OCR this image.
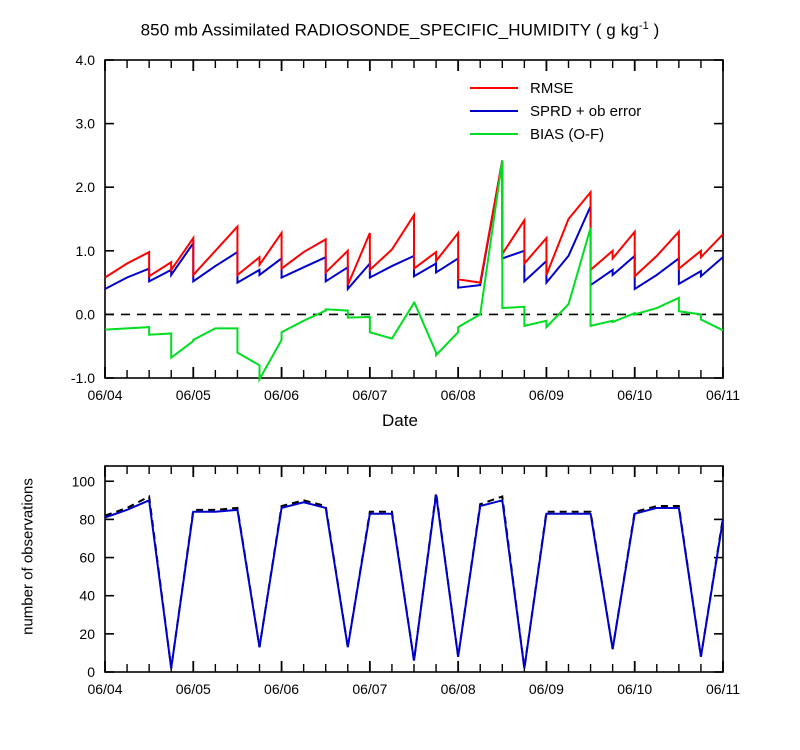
850 mb Assimilated RADIOSONDE_SPECIFIC_HUMIDITY ( g $kg^{-1}$ )
Date
number of observations
-1.0
0.0
1.0
2.0
3.0
4.0
06/04	06/05	06/06	06/07	06/08	06/09	06/10	06/11
RMSE
SPRD + ob error
BIAS (O-F)
0
20
40
60
80
100
06/04	06/05	06/06	06/07	06/08	06/09	06/10	06/11
